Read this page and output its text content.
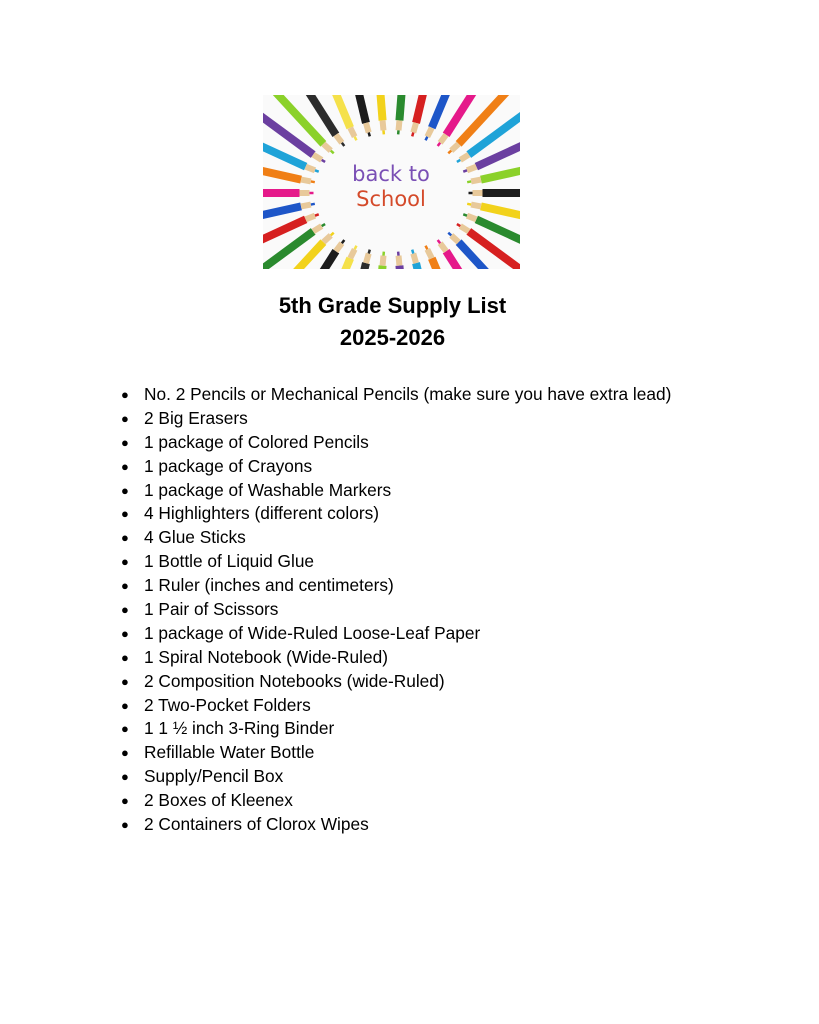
back to
School
5th Grade Supply List
2025-2026
● No. 2 Pencils or Mechanical Pencils (make sure you have extra lead)
● 2 Big Erasers
● 1 package of Colored Pencils
● 1 package of Crayons
● 1 package of Washable Markers
● 4 Highlighters (different colors)
● 4 Glue Sticks
● 1 Bottle of Liquid Glue
● 1 Ruler (inches and centimeters)
● 1 Pair of Scissors
● 1 package of Wide-Ruled Loose-Leaf Paper
● 1 Spiral Notebook (Wide-Ruled)
● 2 Composition Notebooks (wide-Ruled)
● 2 Two-Pocket Folders
● 1 1 ½ inch 3-Ring Binder
● Refillable Water Bottle
● Supply/Pencil Box
● 2 Boxes of Kleenex
● 2 Containers of Clorox Wipes
